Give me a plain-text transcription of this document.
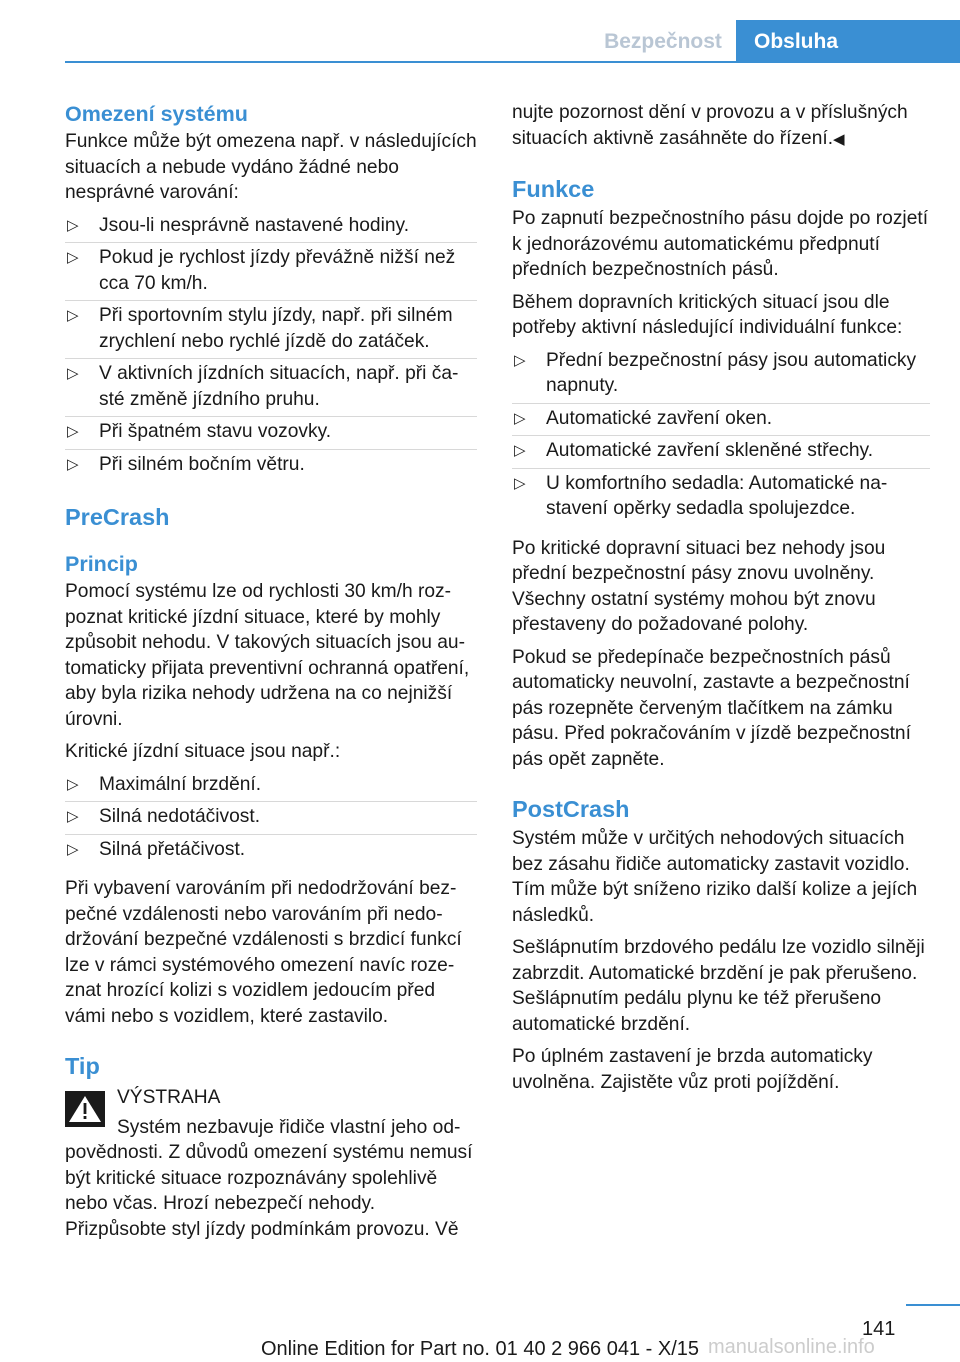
Bezpečnost	Obsluha
Omezení systému

Funkce může být omezena např. v následujících situacích a nebude vydáno žádné nebo nesprávné varování:

▷ Jsou-li nesprávně nastavené hodiny.
▷ Pokud je rychlost jízdy převážně nižší než cca 70 km/h.
▷ Při sportovním stylu jízdy, např. při silném zrychlení nebo rychlé jízdě do zatáček.
▷ V aktivních jízdních situacích, např. při časté změně jízdního pruhu.
▷ Při špatném stavu vozovky.
▷ Při silném bočním větru.
PreCrash
Princip

Pomocí systému lze od rychlosti 30 km/h rozpoznat kritické jízdní situace, které by mohly způsobit nehodu. V takových situacích jsou automaticky přijata preventivní ochranná opatření, aby byla rizika nehody udržena na co nejnižší úrovni.

Kritické jízdní situace jsou např.:

▷ Maximální brzdění.
▷ Silná nedotáčivost.
▷ Silná přetáčivost.

Při vybavení varováním při nedodržování bezpečné vzdálenosti nebo varováním při nedodržování bezpečné vzdálenosti s brzdicí funkcí lze v rámci systémového omezení navíc rozeznat hrozící kolizi s vozidlem jedoucím před vámi nebo s vozidlem, které zastavilo.

Tip

VÝSTRAHA

Systém nezbavuje řidiče vlastní jeho odpovědnosti. Z důvodů omezení systému nemusí být kritické situace rozpoznávány spolehlivě nebo včas. Hrozí nebezpečí nehody. Přizpůsobte styl jízdy podmínkám provozu. Vě

nujte pozornost dění v provozu a v příslušných situacích aktivně zasáhněte do řízení.◀

Funkce

Po zapnutí bezpečnostního pásu dojde po rozjetí k jednorázovému automatickému předpnutí předních bezpečnostních pásů.

Během dopravních kritických situací jsou dle potřeby aktivní následující individuální funkce:

▷ Přední bezpečnostní pásy jsou automaticky napnuty.
▷ Automatické zavření oken.
▷ Automatické zavření skleněné střechy.
▷ U komfortního sedadla: Automatické nastavení opěrky sedadla spolujezdce.

Po kritické dopravní situaci bez nehody jsou přední bezpečnostní pásy znovu uvolněny. Všechny ostatní systémy mohou být znovu přestaveny do požadované polohy.

Pokud se předepínače bezpečnostních pásů automaticky neuvolní, zastavte a bezpečnostní pás rozepněte červeným tlačítkem na zámku pásu. Před pokračováním v jízdě bezpečnostní pás opět zapněte.

PostCrash

Systém může v určitých nehodových situacích bez zásahu řidiče automaticky zastavit vozidlo. Tím může být sníženo riziko další kolize a jejích následků.

Sešlápnutím brzdového pedálu lze vozidlo silněji zabrzdit. Automatické brzdění je pak přerušeno. Sešlápnutím pedálu plynu ke též přerušeno automatické brzdění.

Po úplném zastavení je brzda automaticky uvolněna. Zajistěte vůz proti pojíždění.

141
manualsonline.info
Online Edition for Part no. 01 40 2 966 041 - X/15
